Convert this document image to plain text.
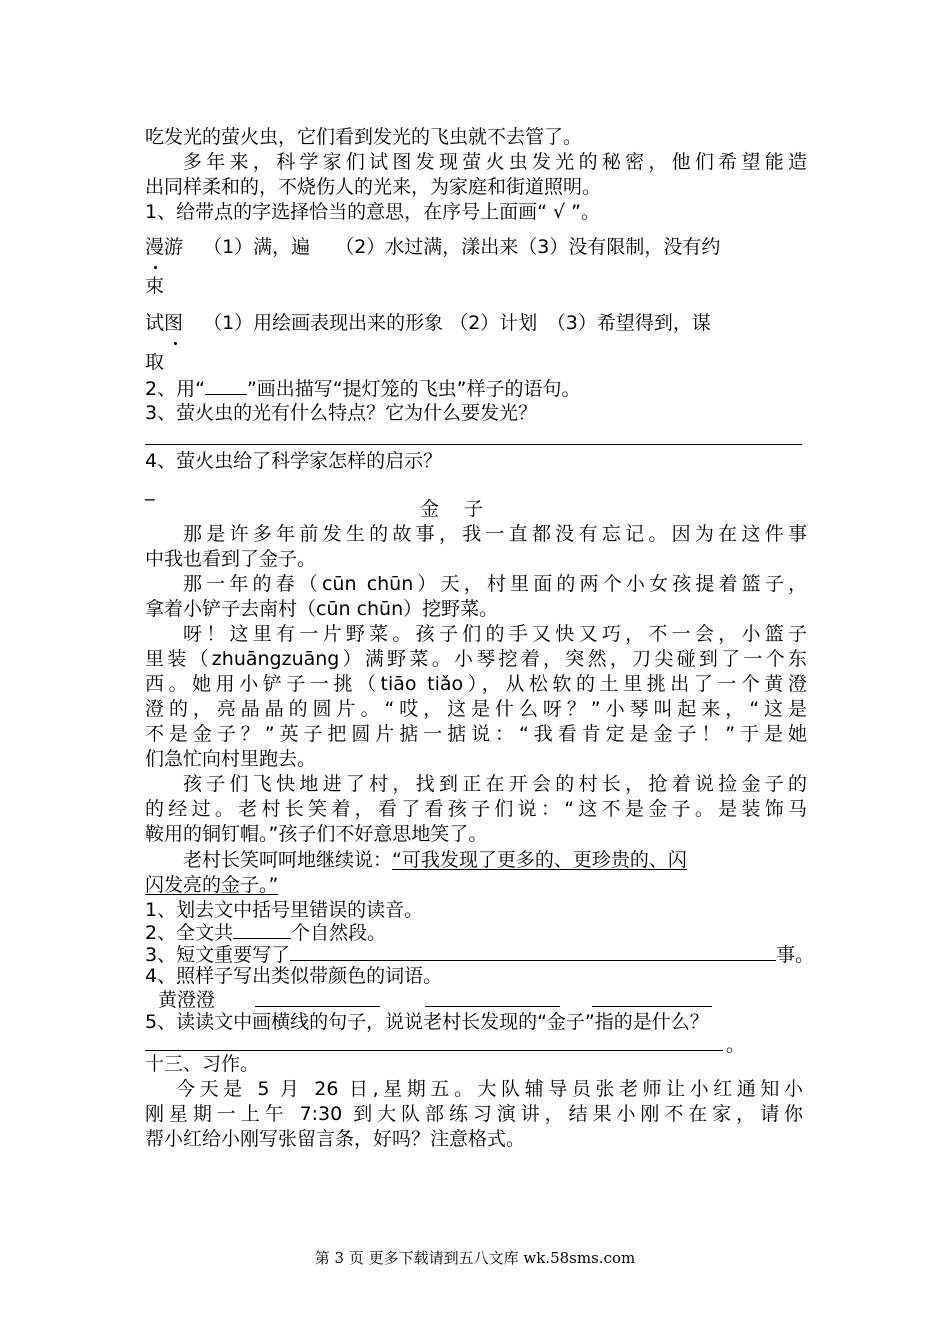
吃发光的萤火虫，它们看到发光的飞虫就不去管了。
多年来，科学家们试图发现萤火虫发光的秘密，他们希望能造
出同样柔和的，不烧伤人的光来，为家庭和街道照明。
1、给带点的字选择恰当的意思，在序号上面画“ √ ”。
漫游 （1）满，遍　 （2）水过满，漾出来（3）没有限制，没有约
束
试图 （1）用绘画表现出来的形象 （2）计划　（3）希望得到，谋
取
2、用“ ”画出描写“提灯笼的飞虫”样子的语句。
3、萤火虫的光有什么特点？它为什么要发光？
4、萤火虫给了科学家怎样的启示？
_
金　 子
那是许多年前发生的故事，我一直都没有忘记。因为在这件事
中我也看到了金子。
那一年的春（cūn chūn）天，村里面的两个小女孩提着篮子，
拿着小铲子去南村（cūn chūn）挖野菜。
呀！这里有一片野菜。孩子们的手又快又巧，不一会，小篮子
里装（zhuāngzuāng）满野菜。小琴挖着，突然，刀尖碰到了一个东
西。她用小铲子一挑（tiāo tiǎo），从松软的土里挑出了一个黄澄
澄的，亮晶晶的圆片。“哎，这是什么呀？”小琴叫起来，“这是
不是金子？”英子把圆片掂一掂说：“我看肯定是金子！”于是她
们急忙向村里跑去。
孩子们飞快地进了村，找到正在开会的村长，抢着说捡金子的
的经过。老村长笑着，看了看孩子们说：“这不是金子。是装饰马
鞍用的铜钉帽。”孩子们不好意思地笑了。
老村长笑呵呵地继续说：“可我发现了更多的、更珍贵的、闪
闪发亮的金子。”
1、划去文中括号里错误的读音。
2、全文共	个自然段。
3、短文重要写了	事。
4、照样子写出类似带颜色的词语。
黄澄澄
5、读读文中画横线的句子，说说老村长发现的“金子”指的是什么？
。
十三、习作。
今天是 5 月 26 日,星期五。大队辅导员张老师让小红通知小
刚星期一上午 7:30 到大队部练习演讲，结果小刚不在家，请你
帮小红给小刚写张留言条，好吗？注意格式。
第 3 页 更多下载请到五八文库 wk.58sms.com
